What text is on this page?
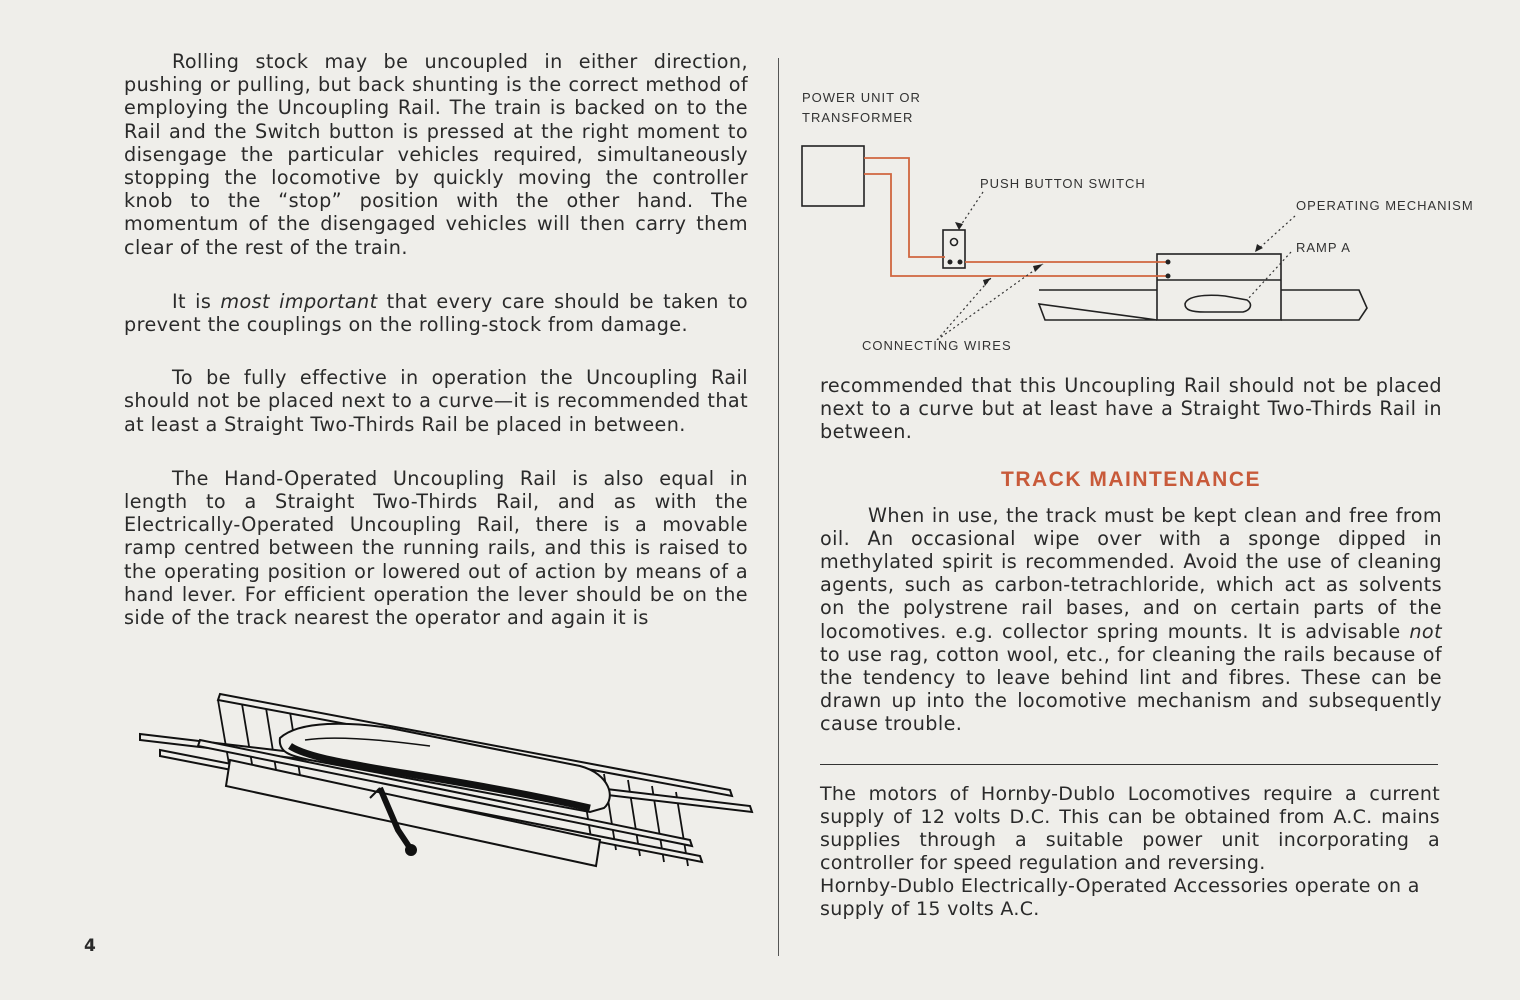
Rolling stock may be uncoupled in either direction, pushing or pulling, but back shunting is the correct method of employing the Uncoupling Rail. The train is backed on to the Rail and the Switch button is pressed at the right moment to disengage the particular vehicles required, simultaneously stopping the locomotive by quickly moving the controller knob to the “stop” position with the other hand. The momentum of the disengaged vehicles will then carry them clear of the rest of the train.

It is most important that every care should be taken to prevent the couplings on the rolling-stock from damage.

To be fully effective in operation the Uncoupling Rail should not be placed next to a curve—it is recommended that at least a Straight Two-Thirds Rail be placed in between.

The Hand-Operated Uncoupling Rail is also equal in length to a Straight Two-Thirds Rail, and as with the Electrically-Operated Uncoupling Rail, there is a movable ramp centred between the running rails, and this is raised to the operating position or lowered out of action by means of a hand lever. For efficient operation the lever should be on the side of the track nearest the operator and again it is

POWER UNIT OR
TRANSFORMER
PUSH BUTTON SWITCH
OPERATING MECHANISM
RAMP A
CONNECTING WIRES

recommended that this Uncoupling Rail should not be placed next to a curve but at least have a Straight Two-Thirds Rail in between.

TRACK MAINTENANCE

When in use, the track must be kept clean and free from oil. An occasional wipe over with a sponge dipped in methylated spirit is recommended. Avoid the use of cleaning agents, such as carbon-tetrachloride, which act as solvents on the polystrene rail bases, and on certain parts of the locomotives. e.g. collector spring mounts. It is advisable not to use rag, cotton wool, etc., for cleaning the rails because of the tendency to leave behind lint and fibres. These can be drawn up into the locomotive mechanism and subsequently cause trouble.

The motors of Hornby-Dublo Locomotives require a current supply of 12 volts D.C. This can be obtained from A.C. mains supplies through a suitable power unit incorporating a controller for speed regulation and reversing.

Hornby-Dublo Electrically-Operated Accessories operate on a supply of 15 volts A.C.

4
